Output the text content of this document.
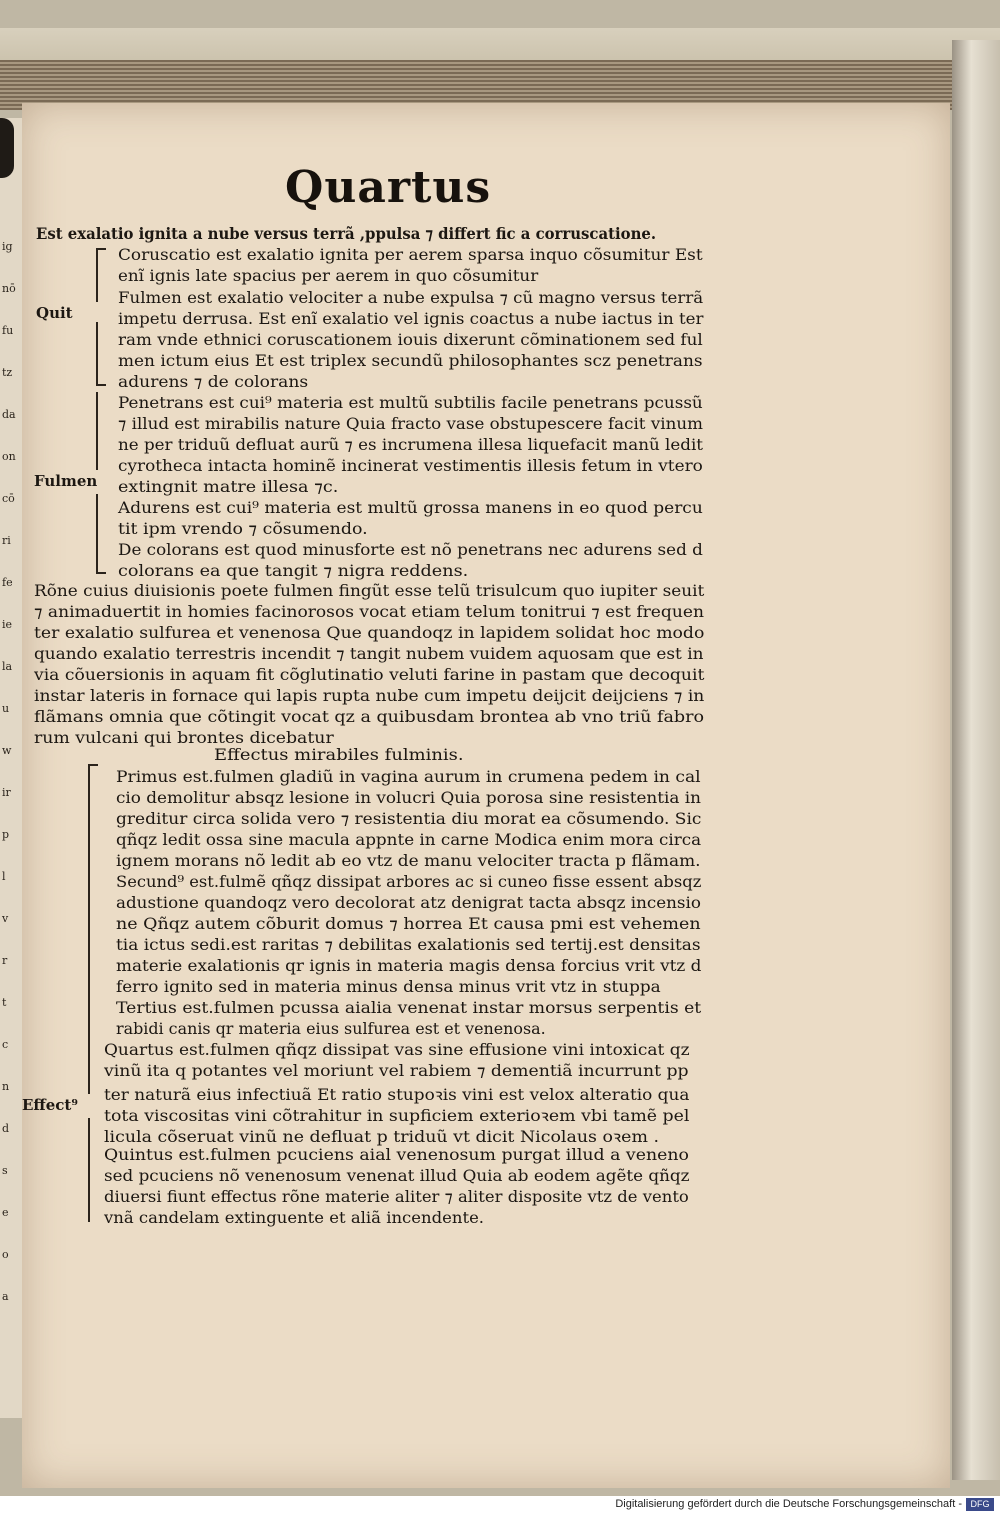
ig
nō
fu
tz
da
on
cō
ri
fe
ie
la
u
w
ir
p
l
v
r
t
c
n
d
s
e
o
a
Quartus
Quit
Fulmen
Effect⁹
Est exalatio ignita a nube versus terrã ,ppulsa ⁊ differt fic a corruscatione.
Coruscatio est exalatio ignita per aerem sparsa inquo cõsumitur Est
enĩ ignis late spacius per aerem in quo cõsumitur
Fulmen est exalatio velociter a nube expulsa ⁊ cũ magno versus terrã
impetu derrusa. Est enĩ exalatio vel ignis coactus a nube iactus in ter
ram vnde ethnici coruscationem iouis dixerunt cõminationem sed ful
men ictum eius Et est triplex secundũ philosophantes scz penetrans
adurens ⁊ de colorans
Penetrans est cui⁹ materia est multũ subtilis facile penetrans pcussũ
⁊ illud est mirabilis nature Quia fracto vase obstupescere facit vinum
ne per triduũ defluat aurũ ⁊ es incrumena illesa liquefacit manũ ledit
cyrotheca intacta hominẽ incinerat vestimentis illesis fetum in vtero
extingnit matre illesa ⁊c.
Adurens est cui⁹ materia est multũ grossa manens in eo quod percu
tit ipm vrendo ⁊ cõsumendo.
De colorans est quod minusforte est nõ penetrans nec adurens sed d
colorans ea que tangit ⁊ nigra reddens.
Rõne cuius diuisionis poete fulmen fingũt esse telũ trisulcum quo iupiter seuit
⁊ animaduertit in homies facinorosos vocat etiam telum tonitrui ⁊ est frequen
ter exalatio sulfurea et venenosa Que quandoqz in lapidem solidat hoc modo
quando exalatio terrestris incendit ⁊ tangit nubem vuidem aquosam que est in
via cõuersionis in aquam fit cõglutinatio veluti farine in pastam que decoquit
instar lateris in fornace qui lapis rupta nube cum impetu deijcit deijciens ⁊ in
flãmans omnia que cõtingit vocat qz a quibusdam brontea ab vno triũ fabro
rum vulcani qui brontes dicebatur
Effectus mirabiles fulminis.
Primus est.fulmen gladiũ in vagina aurum in crumena pedem in cal
cio demolitur absqz lesione in volucri Quia porosa sine resistentia in
greditur circa solida vero ⁊ resistentia diu morat ea cõsumendo. Sic
qñqz ledit ossa sine macula appnte in carne Modica enim mora circa
ignem morans nõ ledit ab eo vtz de manu velociter tracta p flãmam.
Secund⁹ est.fulmẽ qñqz dissipat arbores ac si cuneo fisse essent absqz
adustione quandoqz vero decolorat atz denigrat tacta absqz incensio
ne Qñqz autem cõburit domus ⁊ horrea Et causa pmi est vehemen
tia ictus sedi.est raritas ⁊ debilitas exalationis sed tertij.est densitas
materie exalationis qr ignis in materia magis densa forcius vrit vtz d
ferro ignito sed in materia minus densa minus vrit vtz in stuppa
Tertius est.fulmen pcussa aialia venenat instar morsus serpentis et
rabidi canis qr materia eius sulfurea est et venenosa.
Quartus est.fulmen qñqz dissipat vas sine effusione vini intoxicat qz
vinũ ita q potantes vel moriunt vel rabiem ⁊ dementiã incurrunt pp
ter naturã eius infectiuã Et ratio stupoꝛis vini est velox alteratio qua
tota viscositas vini cõtrahitur in supficiem exterioꝛem vbi tamẽ pel
licula cõseruat vinũ ne defluat p triduũ vt dicit Nicolaus oꝛem .
Quintus est.fulmen pcuciens aial venenosum purgat illud a veneno
sed pcuciens nõ venenosum venenat illud Quia ab eodem agẽte qñqz
diuersi fiunt effectus rõne materie aliter ⁊ aliter disposite vtz de vento
vnã candelam extinguente et aliã incendente.
Digitalisierung gefördert durch die Deutsche Forschungsgemeinschaft - DFG
